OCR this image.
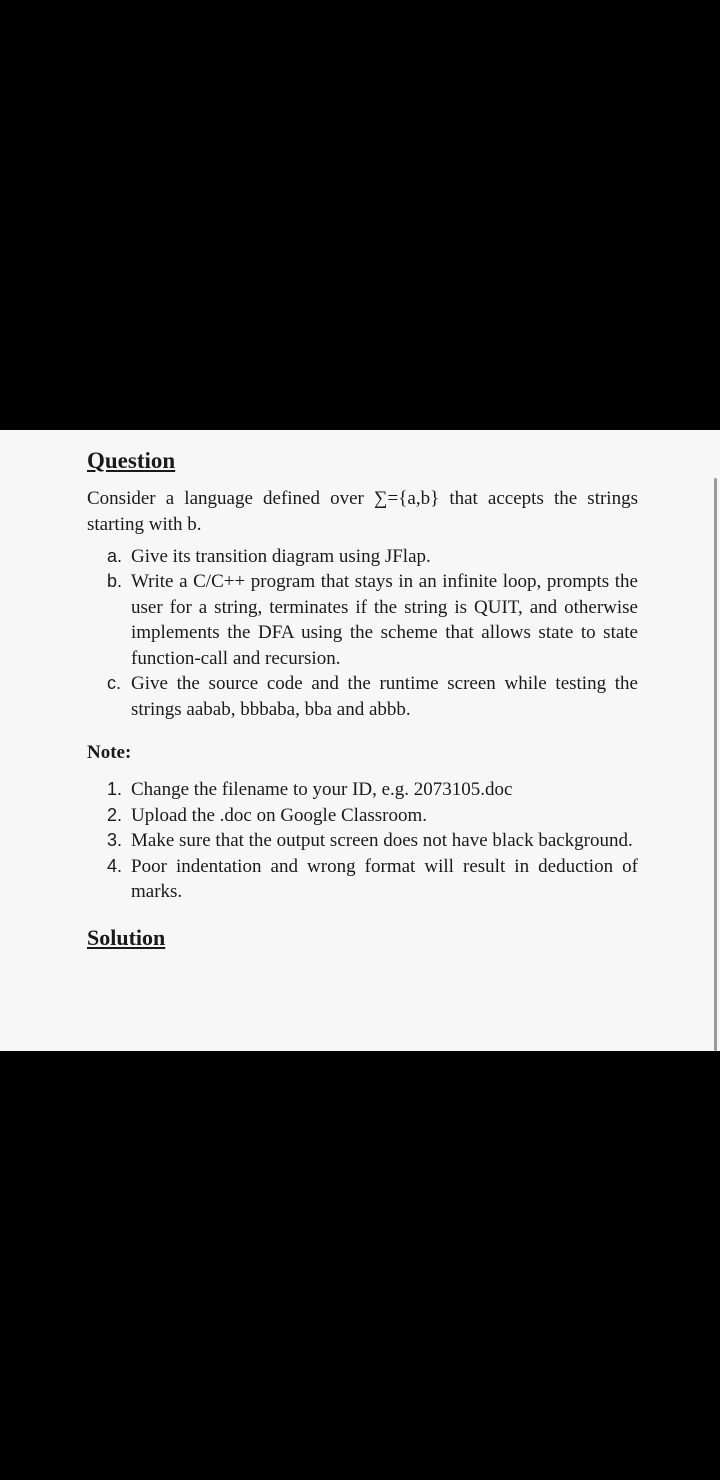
Question

Consider a language defined over ∑={a,b} that accepts the strings starting with b.

a. Give its transition diagram using JFlap.
b. Write a C/C++ program that stays in an infinite loop, prompts the user for a string, terminates if the string is QUIT, and otherwise implements the DFA using the scheme that allows state to state function-call and recursion.
c. Give the source code and the runtime screen while testing the strings aabab, bbbaba, bba and abbb.
Note:
1. Change the filename to your ID, e.g. 2073105.doc
2. Upload the .doc on Google Classroom.
3. Make sure that the output screen does not have black background.
4. Poor indentation and wrong format will result in deduction of marks.
Solution
